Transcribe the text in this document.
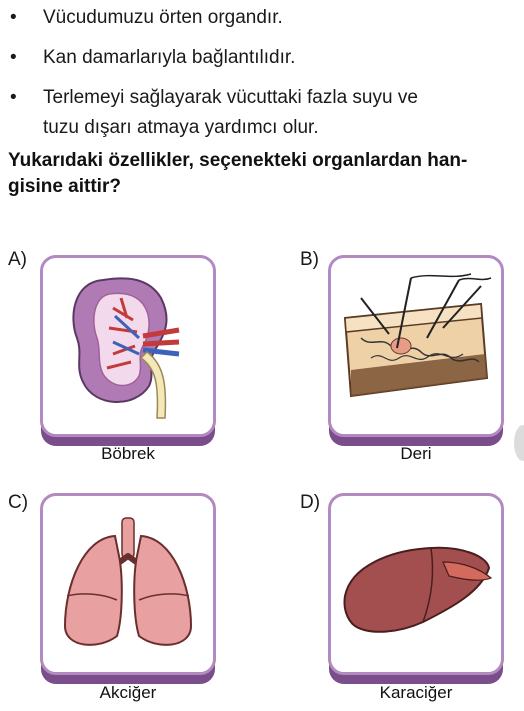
•	Vücudumuzu örten organdır.
•	Kan damarlarıyla bağlantılıdır.
•	Terlemeyi sağlayarak vücuttaki fazla suyu ve
tuzu dışarı atmaya yardımcı olur.
Yukarıdaki özellikler, seçenekteki organlardan han-
gisine aittir?
A)
Böbrek
B)
Deri
C)
Akciğer
D)
Karaciğer
